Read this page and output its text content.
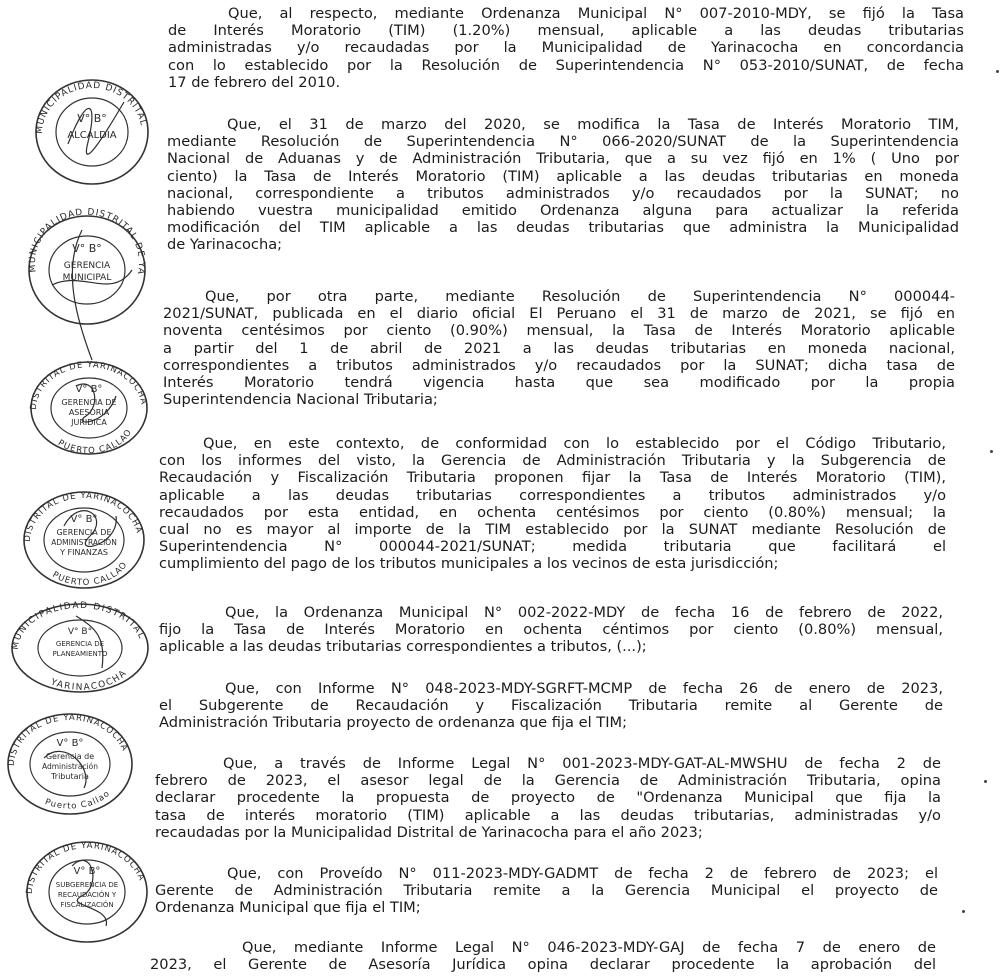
Que, al respecto, mediante Ordenanza Municipal N° 007-2010-MDY, se fijó la Tasa
de Interés Moratorio (TIM) (1.20%) mensual, aplicable a las deudas tributarias
administradas y/o recaudadas por la Municipalidad de Yarinacocha en concordancia
con lo establecido por la Resolución de Superintendencia N° 053-2010/SUNAT, de fecha
17 de febrero del 2010.
Que, el 31 de marzo del 2020, se modifica la Tasa de Interés Moratorio TIM,
mediante Resolución de Superintendencia N° 066-2020/SUNAT de la Superintendencia
Nacional de Aduanas y de Administración Tributaria, que a su vez fijó en 1% ( Uno por
ciento) la Tasa de Interés Moratorio (TIM) aplicable a las deudas tributarias en moneda
nacional, correspondiente a tributos administrados y/o recaudados por la SUNAT; no
habiendo vuestra municipalidad emitido Ordenanza alguna para actualizar la referida
modificación del TIM aplicable a las deudas tributarias que administra la Municipalidad
de Yarinacocha;
Que, por otra parte, mediante Resolución de Superintendencia N° 000044-
2021/SUNAT, publicada en el diario oficial El Peruano el 31 de marzo de 2021, se fijó en
noventa centésimos por ciento (0.90%) mensual, la Tasa de Interés Moratorio aplicable
a partir del 1 de abril de 2021 a las deudas tributarias en moneda nacional,
correspondientes a tributos administrados y/o recaudados por la SUNAT; dicha tasa de
Interés Moratorio tendrá vigencia hasta que sea modificado por la propia
Superintendencia Nacional Tributaria;
Que, en este contexto, de conformidad con lo establecido por el Código Tributario,
con los informes del visto, la Gerencia de Administración Tributaria y la Subgerencia de
Recaudación y Fiscalización Tributaria proponen fijar la Tasa de Interés Moratorio (TIM),
aplicable a las deudas tributarias correspondientes a tributos administrados y/o
recaudados por esta entidad, en ochenta centésimos por ciento (0.80%) mensual; la
cual no es mayor al importe de la TIM establecido por la SUNAT mediante Resolución de
Superintendencia N° 000044-2021/SUNAT; medida tributaria que facilitará el
cumplimiento del pago de los tributos municipales a los vecinos de esta jurisdicción;
Que, la Ordenanza Municipal N° 002-2022-MDY de fecha 16 de febrero de 2022,
fijo la Tasa de Interés Moratorio en ochenta céntimos por ciento (0.80%) mensual,
aplicable a las deudas tributarias correspondientes a tributos, (...);
Que, con Informe N° 048-2023-MDY-SGRFT-MCMP de fecha 26 de enero de 2023,
el Subgerente de Recaudación y Fiscalización Tributaria remite al Gerente de
Administración Tributaria proyecto de ordenanza que fija el TIM;
Que, a través de Informe Legal N° 001-2023-MDY-GAT-AL-MWSHU de fecha 2 de
febrero de 2023, el asesor legal de la Gerencia de Administración Tributaria, opina
declarar procedente la propuesta de proyecto de "Ordenanza Municipal que fija la
tasa de interés moratorio (TIM) aplicable a las deudas tributarias, administradas y/o
recaudadas por la Municipalidad Distrital de Yarinacocha para el año 2023;
Que, con Proveído N° 011-2023-MDY-GADMT de fecha 2 de febrero de 2023; el
Gerente de Administración Tributaria remite a la Gerencia Municipal el proyecto de
Ordenanza Municipal que fija el TIM;
Que, mediante Informe Legal N° 046-2023-MDY-GAJ de fecha 7 de enero de
2023, el Gerente de Asesoría Jurídica opina declarar procedente la aprobación del
MUNICIPALIDAD DISTRITAL DE YARINACOCHA
V° B°
ALCALDIA
MUNICIPALIDAD DISTRITAL DE YARINACOCHA
V° B°
GERENCIA
MUNICIPAL
DISTRITAL DE YARINACOCHA
PUERTO CALLAO
V° B°
GERENCIA DE
ASESORIA
JURIDICA
DISTRITAL DE YARINACOCHA
PUERTO CALLAO
V° B°
GERENCIA DE
ADMINISTRACIÓN
Y FINANZAS
MUNICIPALIDAD DISTRITAL
YARINACOCHA
V° B°
GERENCIA DE
PLANEAMIENTO
DISTRITAL DE YARINACOCHA
Puerto Callao
V° B°
Gerencia de
Administración
Tributaria
DISTRITAL DE YARINACOCHA
V° B°
SUBGERENCIA DE
RECAUDACIÓN Y
FISCALIZACIÓN
